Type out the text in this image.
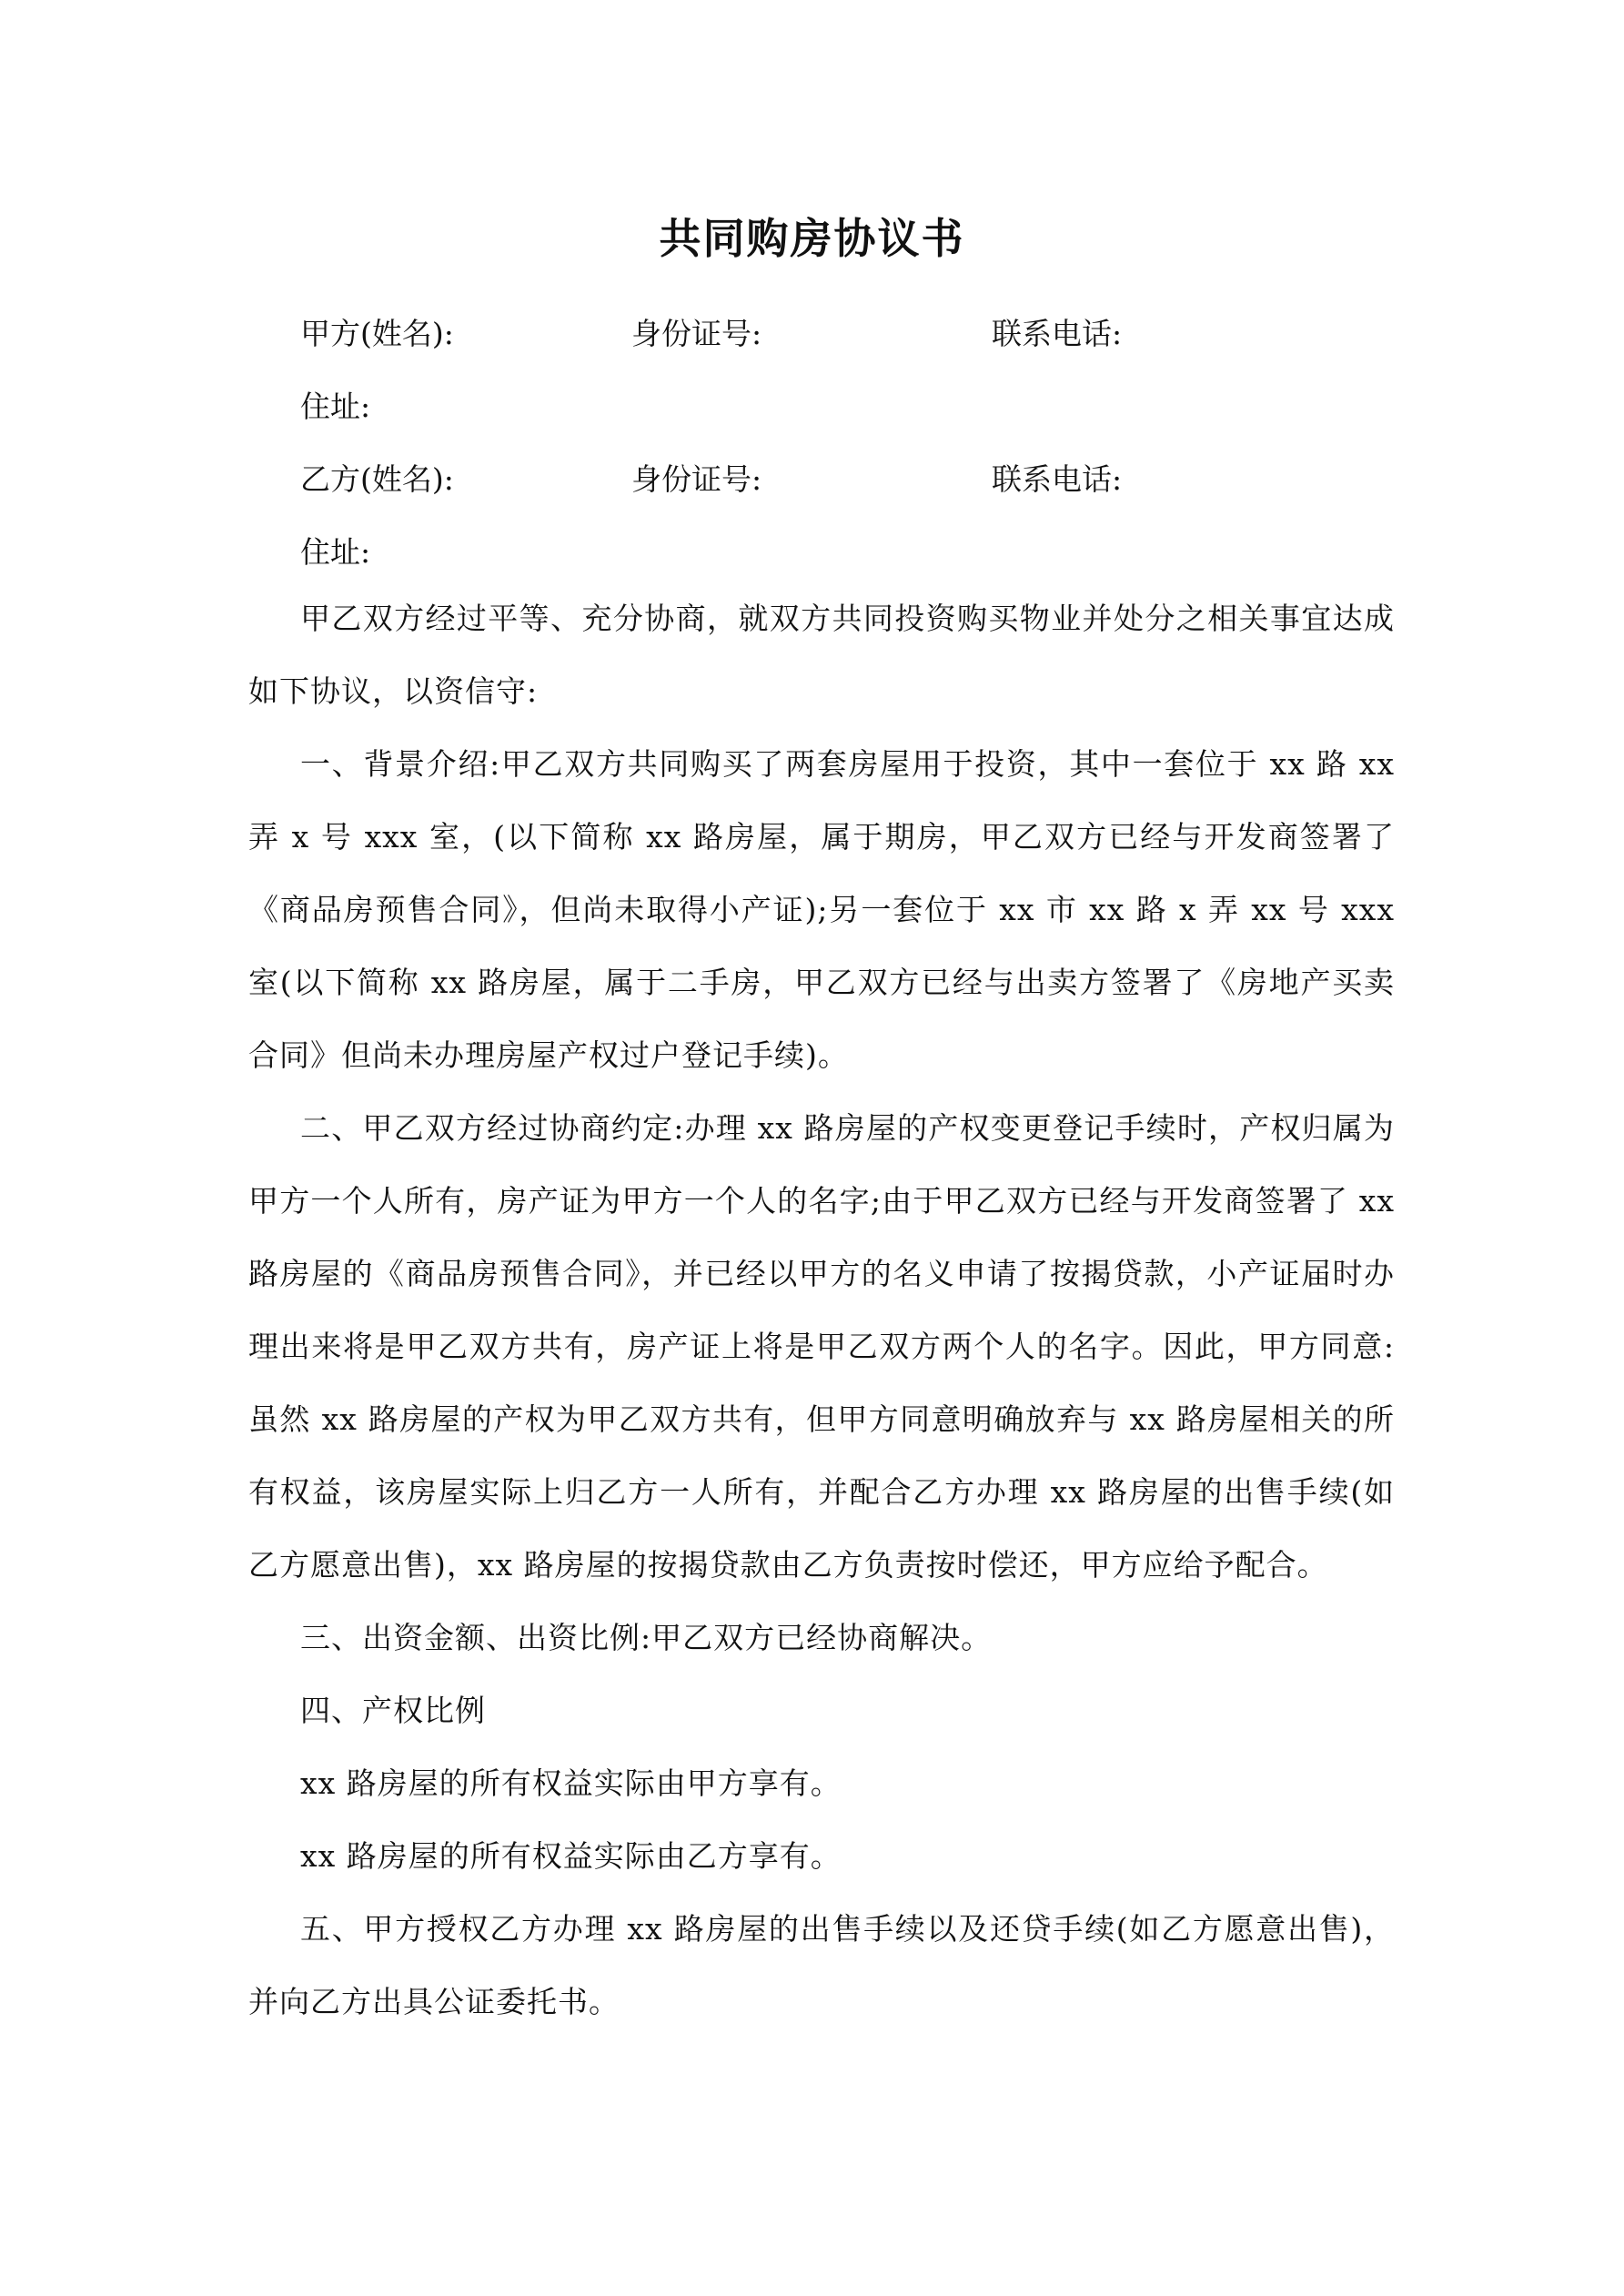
共同购房协议书
甲方(姓名):	身份证号:	联系电话:
住址:
乙方(姓名):	身份证号:	联系电话:
住址:

甲乙双方经过平等、充分协商，就双方共同投资购买物业并处分之相关事宜达成如下协议，以资信守:

一、背景介绍:甲乙双方共同购买了两套房屋用于投资，其中一套位于 xx 路 xx 弄 x 号 xxx 室，(以下简称 xx 路房屋，属于期房，甲乙双方已经与开发商签署了《商品房预售合同》，但尚未取得小产证);另一套位于 xx 市 xx 路 x 弄 xx 号 xxx 室(以下简称 xx 路房屋，属于二手房，甲乙双方已经与出卖方签署了《房地产买卖合同》但尚未办理房屋产权过户登记手续)。

二、甲乙双方经过协商约定:办理 xx 路房屋的产权变更登记手续时，产权归属为甲方一个人所有，房产证为甲方一个人的名字;由于甲乙双方已经与开发商签署了 xx 路房屋的《商品房预售合同》，并已经以甲方的名义申请了按揭贷款，小产证届时办理出来将是甲乙双方共有，房产证上将是甲乙双方两个人的名字。因此，甲方同意:虽然 xx 路房屋的产权为甲乙双方共有，但甲方同意明确放弃与 xx 路房屋相关的所有权益，该房屋实际上归乙方一人所有，并配合乙方办理 xx 路房屋的出售手续(如乙方愿意出售)，xx 路房屋的按揭贷款由乙方负责按时偿还，甲方应给予配合。

三、出资金额、出资比例:甲乙双方已经协商解决。

四、产权比例

xx 路房屋的所有权益实际由甲方享有。

xx 路房屋的所有权益实际由乙方享有。

五、甲方授权乙方办理 xx 路房屋的出售手续以及还贷手续(如乙方愿意出售)，并向乙方出具公证委托书。
